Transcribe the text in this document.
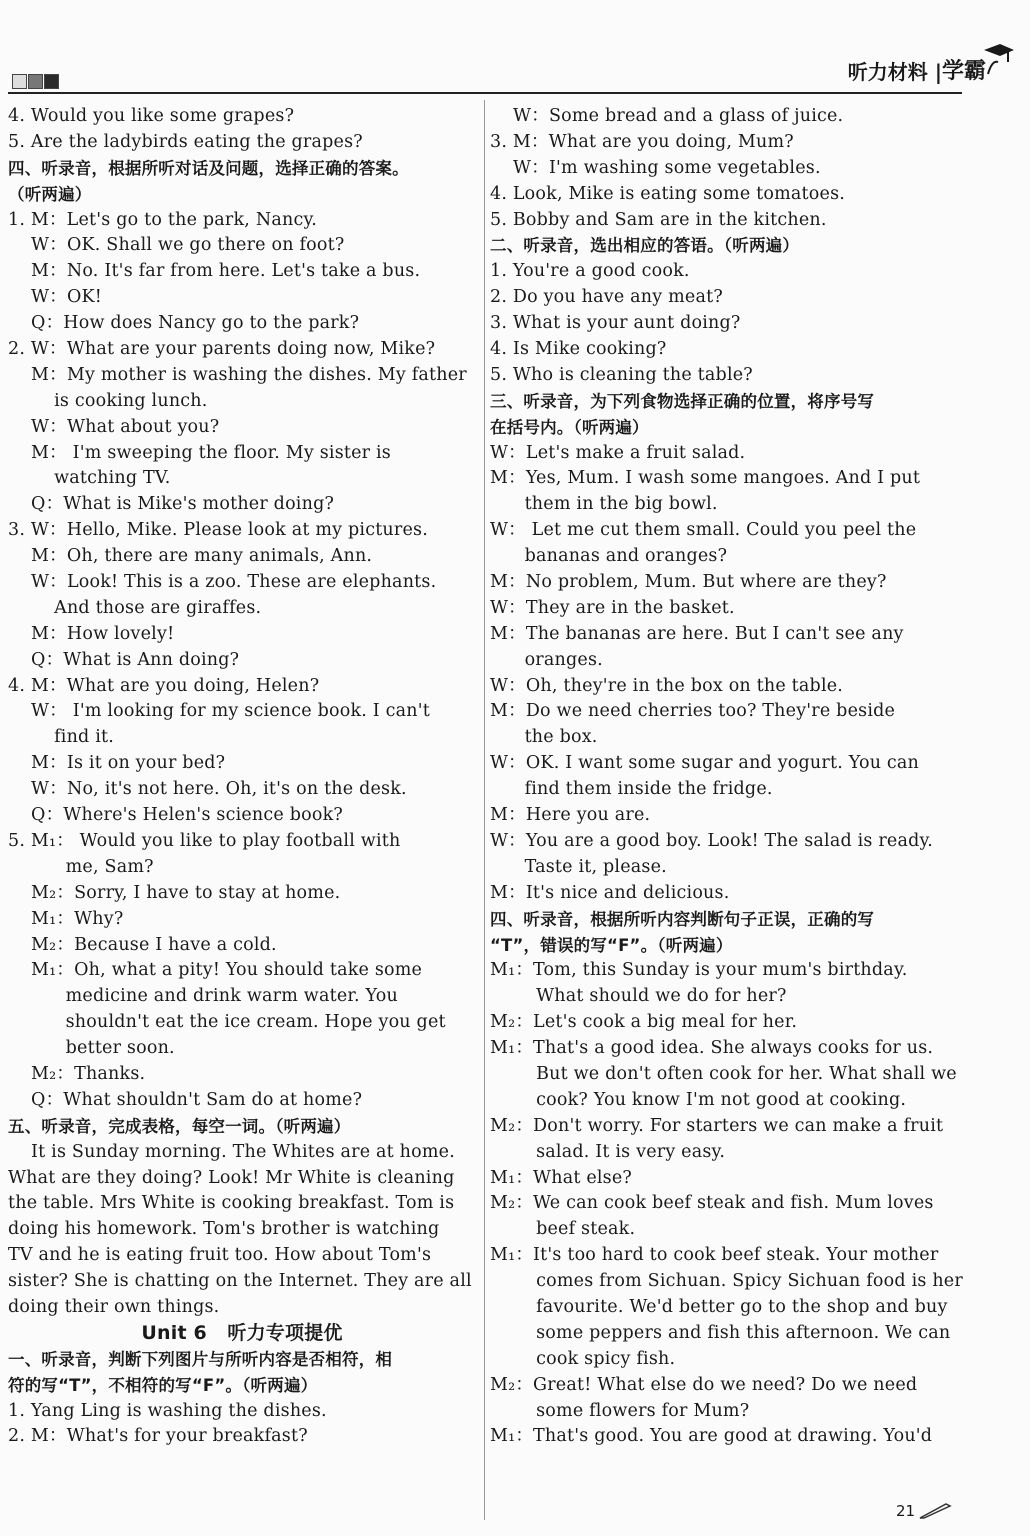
听力材料 | 学霸
4. Would you like some grapes?
5. Are the ladybirds eating the grapes?
四、听录音，根据所听对话及问题，选择正确的答案。
（听两遍）
1. M：Let's go to the park, Nancy.
W：OK. Shall we go there on foot?
M：No. It's far from here. Let's take a bus.
W：OK!
Q：How does Nancy go to the park?
2. W：What are your parents doing now, Mike?
M：My mother is washing the dishes. My father
is cooking lunch.
W：What about you?
M： I'm sweeping the floor. My sister is
watching TV.
Q：What is Mike's mother doing?
3. W：Hello, Mike. Please look at my pictures.
M：Oh, there are many animals, Ann.
W：Look! This is a zoo. These are elephants.
And those are giraffes.
M：How lovely!
Q：What is Ann doing?
4. M：What are you doing, Helen?
W： I'm looking for my science book. I can't
find it.
M：Is it on your bed?
W：No, it's not here. Oh, it's on the desk.
Q：Where's Helen's science book?
5. M₁： Would you like to play football with
me, Sam?
M₂：Sorry, I have to stay at home.
M₁：Why?
M₂：Because I have a cold.
M₁：Oh, what a pity! You should take some
medicine and drink warm water. You
shouldn't eat the ice cream. Hope you get
better soon.
M₂：Thanks.
Q：What shouldn't Sam do at home?
五、听录音，完成表格，每空一词。（听两遍）
It is Sunday morning. The Whites are at home.
What are they doing? Look! Mr White is cleaning
the table. Mrs White is cooking breakfast. Tom is
doing his homework. Tom's brother is watching
TV and he is eating fruit too. How about Tom's
sister? She is chatting on the Internet. They are all
doing their own things.
Unit 6   听力专项提优
一、听录音，判断下列图片与所听内容是否相符，相
符的写“T”，不相符的写“F”。（听两遍）
1. Yang Ling is washing the dishes.
2. M：What's for your breakfast?
W：Some bread and a glass of juice.
3. M：What are you doing, Mum?
W：I'm washing some vegetables.
4. Look, Mike is eating some tomatoes.
5. Bobby and Sam are in the kitchen.
二、听录音，选出相应的答语。（听两遍）
1. You're a good cook.
2. Do you have any meat?
3. What is your aunt doing?
4. Is Mike cooking?
5. Who is cleaning the table?
三、听录音，为下列食物选择正确的位置，将序号写
在括号内。（听两遍）
W：Let's make a fruit salad.
M：Yes, Mum. I wash some mangoes. And I put
them in the big bowl.
W： Let me cut them small. Could you peel the
bananas and oranges?
M：No problem, Mum. But where are they?
W：They are in the basket.
M：The bananas are here. But I can't see any
oranges.
W：Oh, they're in the box on the table.
M：Do we need cherries too? They're beside
the box.
W：OK. I want some sugar and yogurt. You can
find them inside the fridge.
M：Here you are.
W：You are a good boy. Look! The salad is ready.
Taste it, please.
M：It's nice and delicious.
四、听录音，根据所听内容判断句子正误，正确的写
“T”，错误的写“F”。（听两遍）
M₁：Tom, this Sunday is your mum's birthday.
What should we do for her?
M₂：Let's cook a big meal for her.
M₁：That's a good idea. She always cooks for us.
But we don't often cook for her. What shall we
cook? You know I'm not good at cooking.
M₂：Don't worry. For starters we can make a fruit
salad. It is very easy.
M₁：What else?
M₂：We can cook beef steak and fish. Mum loves
beef steak.
M₁：It's too hard to cook beef steak. Your mother
comes from Sichuan. Spicy Sichuan food is her
favourite. We'd better go to the shop and buy
some peppers and fish this afternoon. We can
cook spicy fish.
M₂：Great! What else do we need? Do we need
some flowers for Mum?
M₁：That's good. You are good at drawing. You'd
21
